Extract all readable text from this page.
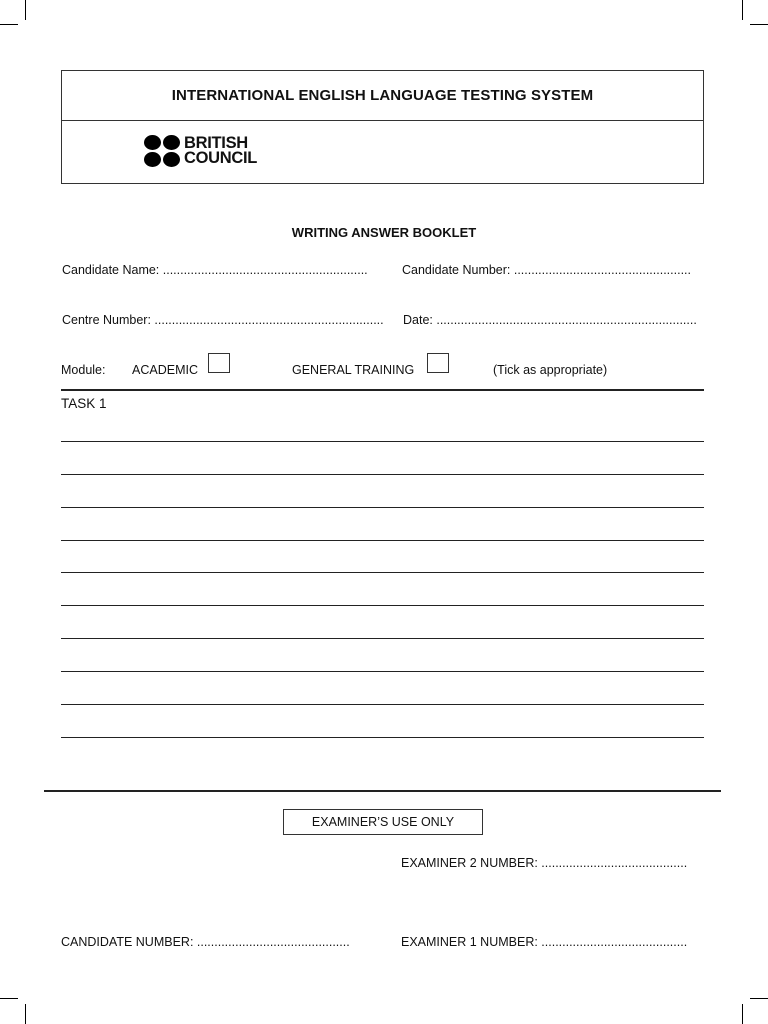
INTERNATIONAL ENGLISH LANGUAGE TESTING SYSTEM
BRITISH
COUNCIL
WRITING ANSWER BOOKLET
Candidate Name: ...........................................................	Candidate Number: ...................................................
Centre Number: .................................................................. Date: ...........................................................................
Module: ACADEMIC	GENERAL TRAINING	(Tick as appropriate)
TASK 1
EXAMINER’S USE ONLY
EXAMINER 2 NUMBER: ..........................................
CANDIDATE NUMBER: ............................................	EXAMINER 1 NUMBER: ..........................................
